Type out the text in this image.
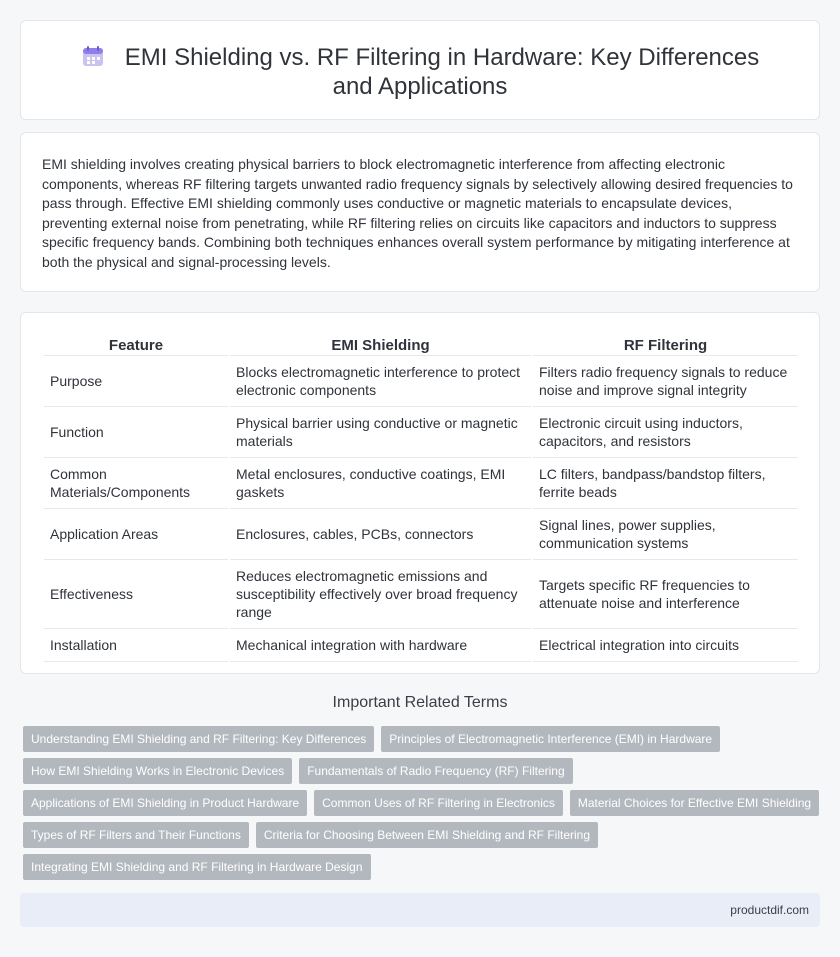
EMI Shielding vs. RF Filtering in Hardware: Key Differences and Applications

EMI shielding involves creating physical barriers to block electromagnetic interference from affecting electronic components, whereas RF filtering targets unwanted radio frequency signals by selectively allowing desired frequencies to pass through. Effective EMI shielding commonly uses conductive or magnetic materials to encapsulate devices, preventing external noise from penetrating, while RF filtering relies on circuits like capacitors and inductors to suppress specific frequency bands. Combining both techniques enhances overall system performance by mitigating interference at both the physical and signal-processing levels.

Feature	EMI Shielding	RF Filtering
Purpose	Blocks electromagnetic interference to protect electronic components	Filters radio frequency signals to reduce noise and improve signal integrity
Function	Physical barrier using conductive or magnetic materials	Electronic circuit using inductors, capacitors, and resistors
Common Materials/Components	Metal enclosures, conductive coatings, EMI gaskets	LC filters, bandpass/bandstop filters, ferrite beads
Application Areas	Enclosures, cables, PCBs, connectors	Signal lines, power supplies, communication systems
Effectiveness	Reduces electromagnetic emissions and susceptibility effectively over broad frequency range	Targets specific RF frequencies to attenuate noise and interference
Installation	Mechanical integration with hardware	Electrical integration into circuits
Important Related Terms
Understanding EMI Shielding and RF Filtering: Key Differences	Principles of Electromagnetic Interference (EMI) in Hardware
How EMI Shielding Works in Electronic Devices	Fundamentals of Radio Frequency (RF) Filtering
Applications of EMI Shielding in Product Hardware	Common Uses of RF Filtering in Electronics	Material Choices for Effective EMI Shielding
Types of RF Filters and Their Functions	Criteria for Choosing Between EMI Shielding and RF Filtering
Integrating EMI Shielding and RF Filtering in Hardware Design
productdif.com
